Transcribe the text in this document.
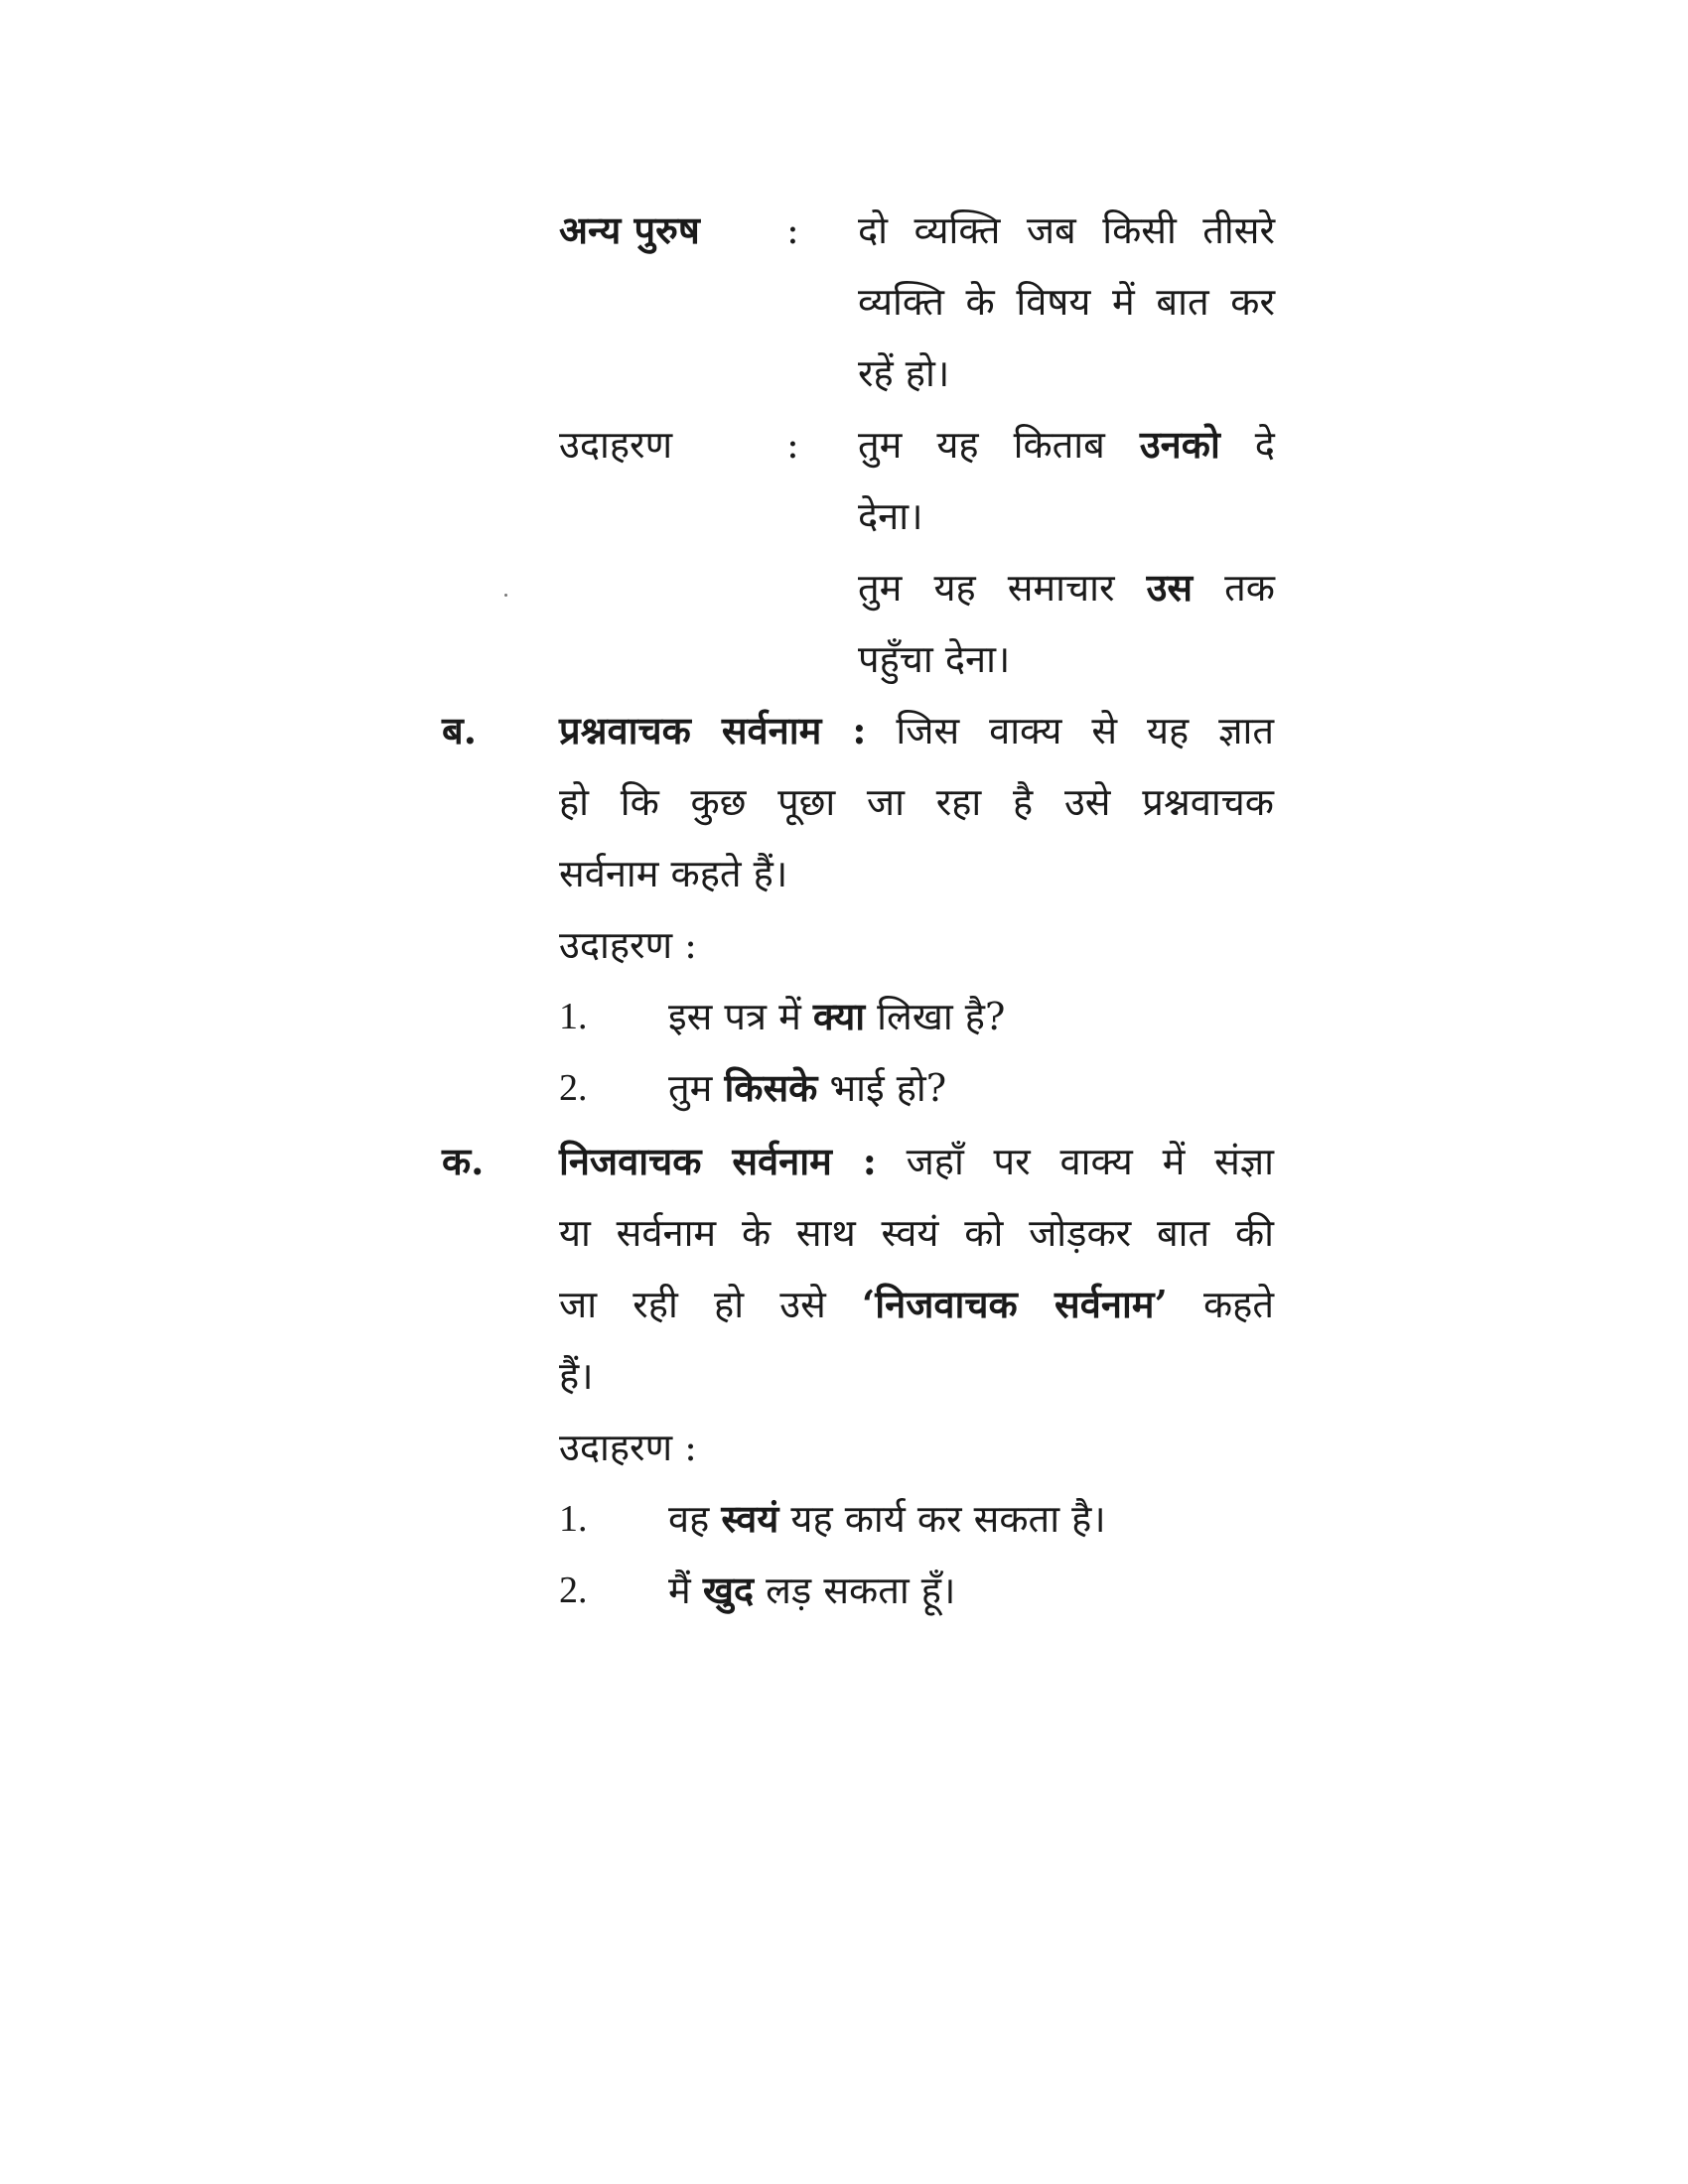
अन्य पुरुष : दो व्यक्ति जब किसी तीसरे
व्यक्ति के विषय में बात कर
रहें हो।
उदाहरण	: तुम यह किताब उनको दे
देना।
तुम यह समाचार उस तक
पहुँचा देना।
ब. प्रश्नवाचक सर्वनाम : जिस वाक्य से यह ज्ञात
हो कि कुछ पूछा जा रहा है उसे प्रश्नवाचक
सर्वनाम कहते हैं।
उदाहरण :
1. इस पत्र में क्या लिखा है?
2. तुम किसके भाई हो?
क. निजवाचक सर्वनाम : जहाँ पर वाक्य में संज्ञा
या सर्वनाम के साथ स्वयं को जोड़कर बात की
जा रही हो उसे ‘निजवाचक सर्वनाम’ कहते
हैं।
उदाहरण :
1. वह स्वयं यह कार्य कर सकता है।
2. मैं खुद लड़ सकता हूँ।
